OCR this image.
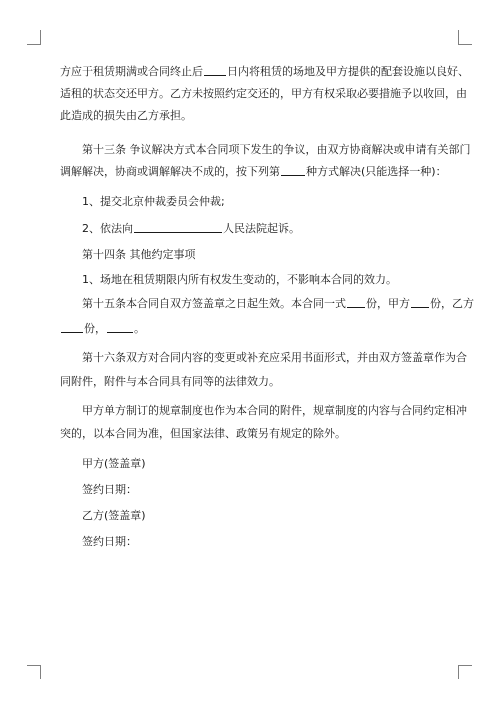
方应于租赁期满或合同终止后 日内将租赁的场地及甲方提供的配套设施以良好、
适租的状态交还甲方。乙方未按照约定交还的，甲方有权采取必要措施予以收回，由
此造成的损失由乙方承担。
第十三条 争议解决方式本合同项下发生的争议，由双方协商解决或申请有关部门
调解解决，协商或调解解决不成的，按下列第 种方式解决(只能选择一种)：
1、提交北京仲裁委员会仲裁;
2、依法向	人民法院起诉。
第十四条 其他约定事项
1、场地在租赁期限内所有权发生变动的，不影响本合同的效力。
第十五条本合同自双方签盖章之日起生效。本合同一式 份，甲方 份，乙方
份，	。
第十六条双方对合同内容的变更或补充应采用书面形式，并由双方签盖章作为合
同附件，附件与本合同具有同等的法律效力。
甲方单方制订的规章制度也作为本合同的附件，规章制度的内容与合同约定相冲
突的，以本合同为准，但国家法律、政策另有规定的除外。
甲方(签盖章)
签约日期：
乙方(签盖章)
签约日期：
